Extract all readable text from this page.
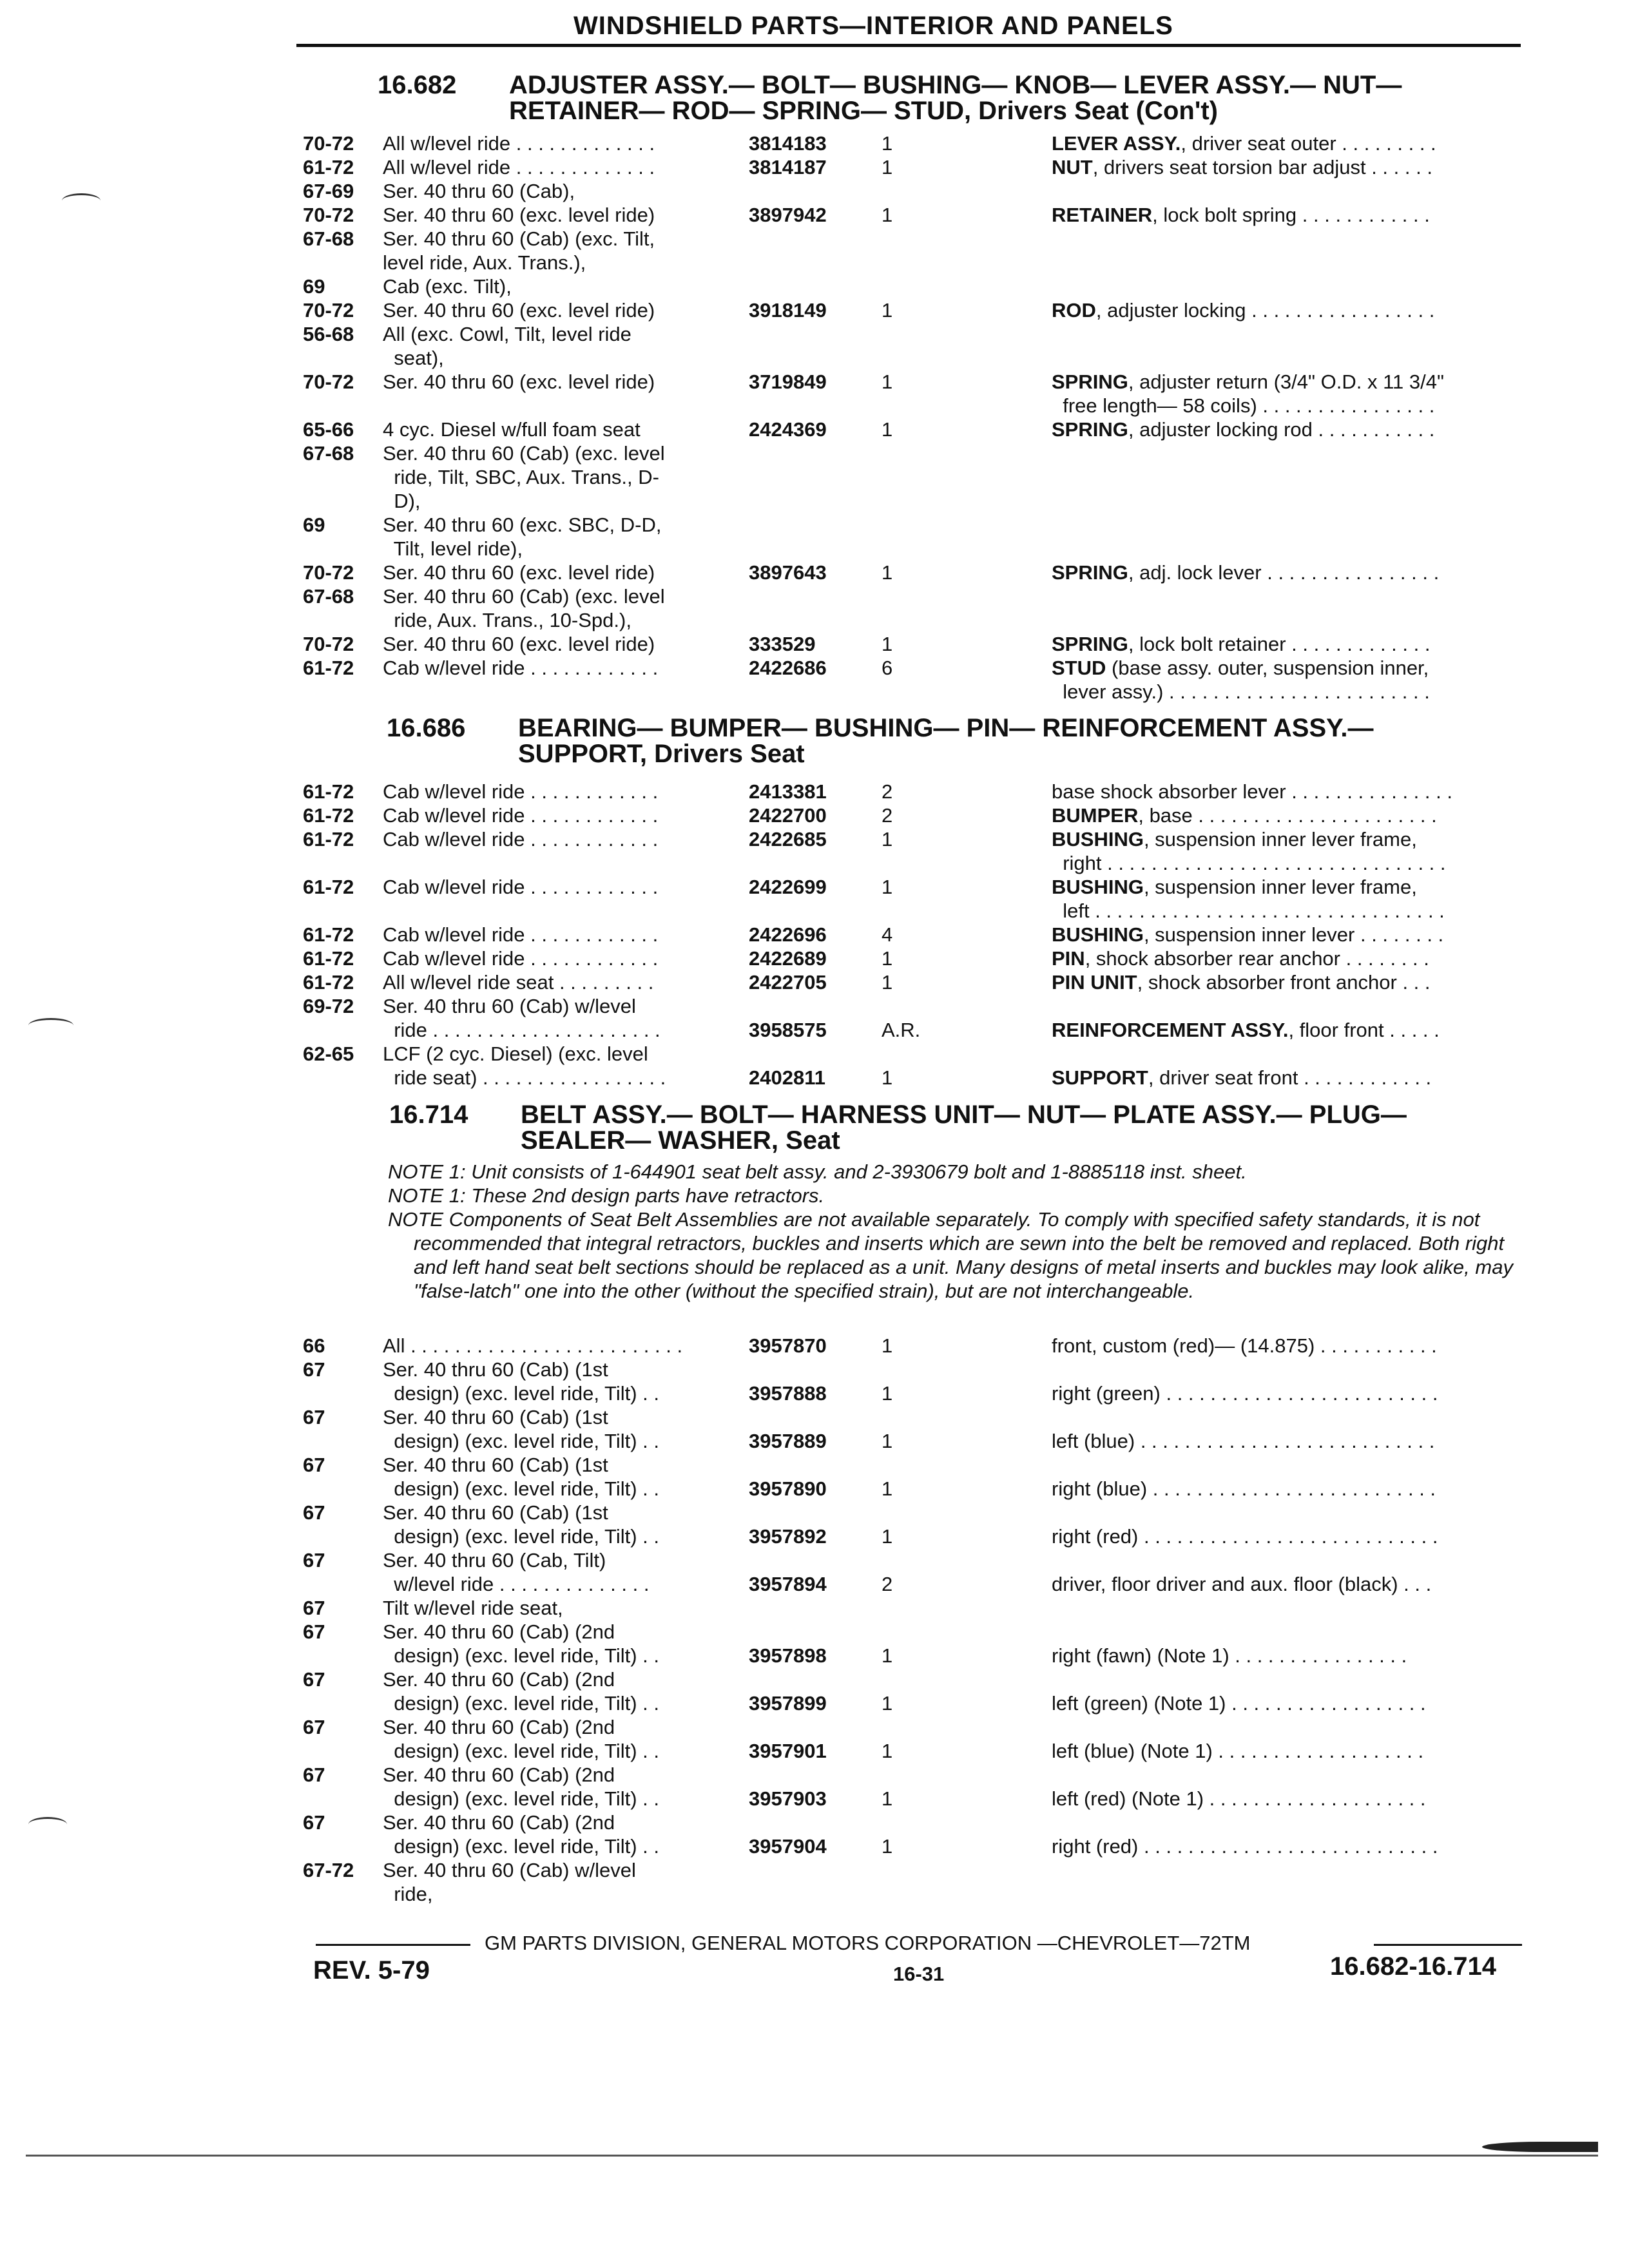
WINDSHIELD PARTS—INTERIOR AND PANELS
16.682 ADJUSTER ASSY.— BOLT— BUSHING— KNOB— LEVER ASSY.— NUT—
RETAINER— ROD— SPRING— STUD, Drivers Seat (Con't)
70-72 All w/level ride . . . . . . . . . . . . .	3814183	1	LEVER ASSY., driver seat outer . . . . . . . . .
61-72 All w/level ride . . . . . . . . . . . . .	3814187	1	NUT, drivers seat torsion bar adjust . . . . . .
67-69 Ser. 40 thru 60 (Cab),
70-72 Ser. 40 thru 60 (exc. level ride)	3897942	1	RETAINER, lock bolt spring . . . . . . . . . . . .
67-68 Ser. 40 thru 60 (Cab) (exc. Tilt,
level ride, Aux. Trans.),
69	Cab (exc. Tilt),
70-72 Ser. 40 thru 60 (exc. level ride)	3918149	1	ROD, adjuster locking . . . . . . . . . . . . . . . . .
56-68 All (exc. Cowl, Tilt, level ride
seat),
70-72 Ser. 40 thru 60 (exc. level ride)	3719849	1	SPRING, adjuster return (3/4" O.D. x 11 3/4"
free length— 58 coils) . . . . . . . . . . . . . . . .
65-66 4 cyc. Diesel w/full foam seat	2424369	1	SPRING, adjuster locking rod . . . . . . . . . . .
67-68 Ser. 40 thru 60 (Cab) (exc. level
ride, Tilt, SBC, Aux. Trans., D-
D),
69	Ser. 40 thru 60 (exc. SBC, D-D,
Tilt, level ride),
70-72 Ser. 40 thru 60 (exc. level ride)	3897643	1	SPRING, adj. lock lever . . . . . . . . . . . . . . . .
67-68 Ser. 40 thru 60 (Cab) (exc. level
ride, Aux. Trans., 10-Spd.),
70-72 Ser. 40 thru 60 (exc. level ride)	333529	1	SPRING, lock bolt retainer . . . . . . . . . . . . .
61-72 Cab w/level ride . . . . . . . . . . . .	2422686	6	STUD (base assy. outer, suspension inner,
lever assy.) . . . . . . . . . . . . . . . . . . . . . . . .
16.686 BEARING— BUMPER— BUSHING— PIN— REINFORCEMENT ASSY.—
SUPPORT, Drivers Seat
61-72 Cab w/level ride . . . . . . . . . . . .	2413381	2	base shock absorber lever . . . . . . . . . . . . . . .
61-72 Cab w/level ride . . . . . . . . . . . .	2422700	2	BUMPER, base . . . . . . . . . . . . . . . . . . . . . .
61-72 Cab w/level ride . . . . . . . . . . . .	2422685	1	BUSHING, suspension inner lever frame,
right . . . . . . . . . . . . . . . . . . . . . . . . . . . . . . .
61-72 Cab w/level ride . . . . . . . . . . . .	2422699	1	BUSHING, suspension inner lever frame,
left . . . . . . . . . . . . . . . . . . . . . . . . . . . . . . . .
61-72 Cab w/level ride . . . . . . . . . . . .	2422696	4	BUSHING, suspension inner lever . . . . . . . .
61-72 Cab w/level ride . . . . . . . . . . . .	2422689	1	PIN, shock absorber rear anchor . . . . . . . .
61-72 All w/level ride seat . . . . . . . . .	2422705	1	PIN UNIT, shock absorber front anchor . . .
69-72 Ser. 40 thru 60 (Cab) w/level
ride . . . . . . . . . . . . . . . . . . . . .	3958575	A.R.	REINFORCEMENT ASSY., floor front . . . . .
62-65 LCF (2 cyc. Diesel) (exc. level
ride seat) . . . . . . . . . . . . . . . . .	2402811	1	SUPPORT, driver seat front . . . . . . . . . . . .
16.714 BELT ASSY.— BOLT— HARNESS UNIT— NUT— PLATE ASSY.— PLUG—
SEALER— WASHER, Seat

NOTE 1: Unit consists of 1-644901 seat belt assy. and 2-3930679 bolt and 1-8885118 inst. sheet.

NOTE 1: These 2nd design parts have retractors.

NOTE Components of Seat Belt Assemblies are not available separately. To comply with specified safety standards, it is not recommended that integral retractors, buckles and inserts which are sewn into the belt be removed and replaced. Both right and left hand seat belt sections should be replaced as a unit. Many designs of metal inserts and buckles may look alike, may "false-latch" one into the other (without the specified strain), but are not interchangeable.

66	All . . . . . . . . . . . . . . . . . . . . . . . . .	3957870	1	front, custom (red)— (14.875) . . . . . . . . . . .
67	Ser. 40 thru 60 (Cab) (1st
design) (exc. level ride, Tilt) . .	3957888	1	right (green) . . . . . . . . . . . . . . . . . . . . . . . . .
67	Ser. 40 thru 60 (Cab) (1st
design) (exc. level ride, Tilt) . .	3957889	1	left (blue) . . . . . . . . . . . . . . . . . . . . . . . . . . .
67	Ser. 40 thru 60 (Cab) (1st
design) (exc. level ride, Tilt) . .	3957890	1	right (blue) . . . . . . . . . . . . . . . . . . . . . . . . . .
67	Ser. 40 thru 60 (Cab) (1st
design) (exc. level ride, Tilt) . .	3957892	1	right (red) . . . . . . . . . . . . . . . . . . . . . . . . . . .
67	Ser. 40 thru 60 (Cab, Tilt)
w/level ride . . . . . . . . . . . . . .	3957894	2	driver, floor driver and aux. floor (black) . . .
67	Tilt w/level ride seat,
67	Ser. 40 thru 60 (Cab) (2nd
design) (exc. level ride, Tilt) . .	3957898	1	right (fawn) (Note 1) . . . . . . . . . . . . . . . .
67	Ser. 40 thru 60 (Cab) (2nd
design) (exc. level ride, Tilt) . .	3957899	1	left (green) (Note 1) . . . . . . . . . . . . . . . . . .
67	Ser. 40 thru 60 (Cab) (2nd
design) (exc. level ride, Tilt) . .	3957901	1	left (blue) (Note 1) . . . . . . . . . . . . . . . . . . .
67	Ser. 40 thru 60 (Cab) (2nd
design) (exc. level ride, Tilt) . .	3957903	1	left (red) (Note 1) . . . . . . . . . . . . . . . . . . . .
67	Ser. 40 thru 60 (Cab) (2nd
design) (exc. level ride, Tilt) . .	3957904	1	right (red) . . . . . . . . . . . . . . . . . . . . . . . . . . .
67-72 Ser. 40 thru 60 (Cab) w/level
ride,
GM PARTS DIVISION, GENERAL MOTORS CORPORATION —CHEVROLET—72TM
REV. 5-79	16-31	16.682-16.714
